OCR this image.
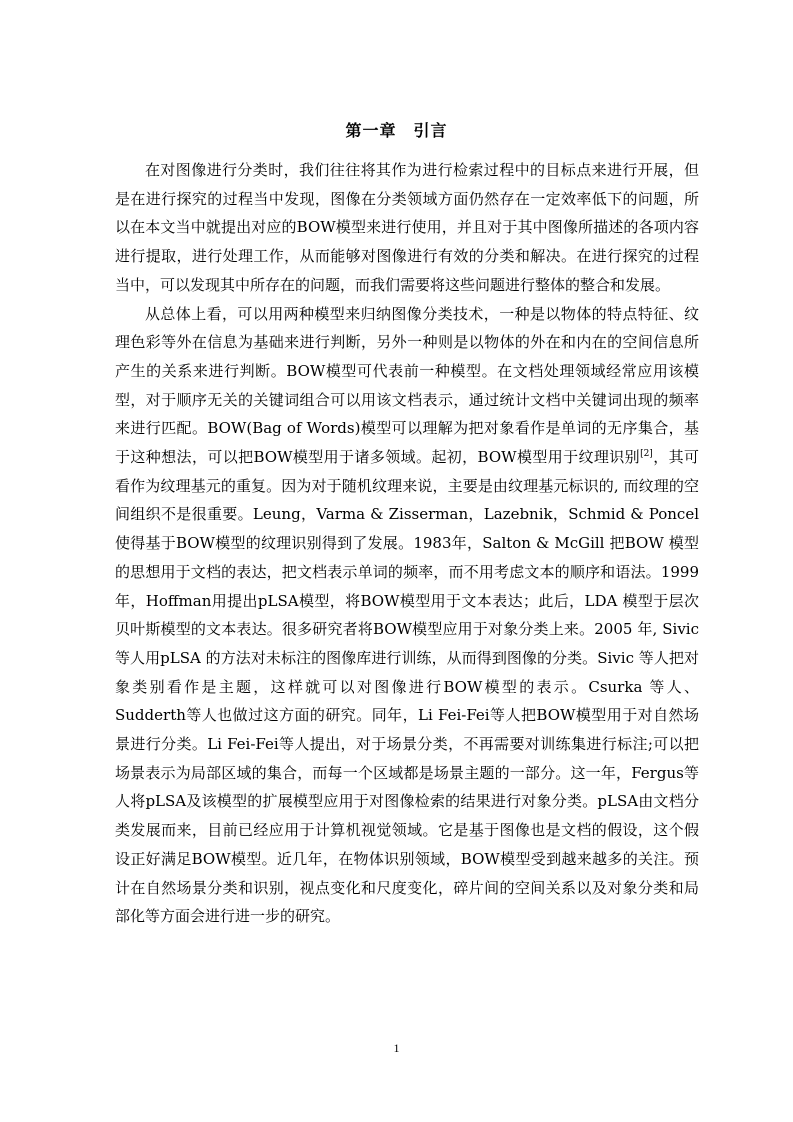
第一章　引言

在对图像进行分类时，我们往往将其作为进行检索过程中的目标点来进行开展，但是在进行探究的过程当中发现，图像在分类领域方面仍然存在一定效率低下的问题，所以在本文当中就提出对应的BOW模型来进行使用，并且对于其中图像所描述的各项内容进行提取，进行处理工作，从而能够对图像进行有效的分类和解决。在进行探究的过程当中，可以发现其中所存在的问题，而我们需要将这些问题进行整体的整合和发展。

从总体上看，可以用两种模型来归纳图像分类技术，一种是以物体的特点特征、纹理色彩等外在信息为基础来进行判断，另外一种则是以物体的外在和内在的空间信息所产生的关系来进行判断。BOW模型可代表前一种模型。在文档处理领域经常应用该模型，对于顺序无关的关键词组合可以用该文档表示，通过统计文档中关键词出现的频率来进行匹配。BOW(Bag of Words)模型可以理解为把对象看作是单词的无序集合，基于这种想法，可以把BOW模型用于诸多领域。起初，BOW模型用于纹理识别[2]，其可看作为纹理基元的重复。因为对于随机纹理来说，主要是由纹理基元标识的, 而纹理的空间组织不是很重要。Leung，Varma & Zisserman，Lazebnik，Schmid & Poncel 使得基于BOW模型的纹理识别得到了发展。1983年，Salton & McGill 把BOW 模型的思想用于文档的表达，把文档表示单词的频率，而不用考虑文本的顺序和语法。1999 年，Hoffman用提出pLSA模型，将BOW模型用于文本表达；此后，LDA 模型于层次贝叶斯模型的文本表达。很多研究者将BOW模型应用于对象分类上来。2005 年, Sivic 等人用pLSA 的方法对未标注的图像库进行训练，从而得到图像的分类。Sivic 等人把对象类别看作是主题，这样就可以对图像进行BOW模型的表示。Csurka 等人、Sudderth等人也做过这方面的研究。同年，Li Fei-Fei等人把BOW模型用于对自然场景进行分类。Li Fei-Fei等人提出，对于场景分类，不再需要对训练集进行标注;可以把场景表示为局部区域的集合，而每一个区域都是场景主题的一部分。这一年，Fergus等人将pLSA及该模型的扩展模型应用于对图像检索的结果进行对象分类。pLSA由文档分类发展而来，目前已经应用于计算机视觉领域。它是基于图像也是文档的假设，这个假设正好满足BOW模型。近几年，在物体识别领域，BOW模型受到越来越多的关注。预计在自然场景分类和识别，视点变化和尺度变化，碎片间的空间关系以及对象分类和局部化等方面会进行进一步的研究。

1
